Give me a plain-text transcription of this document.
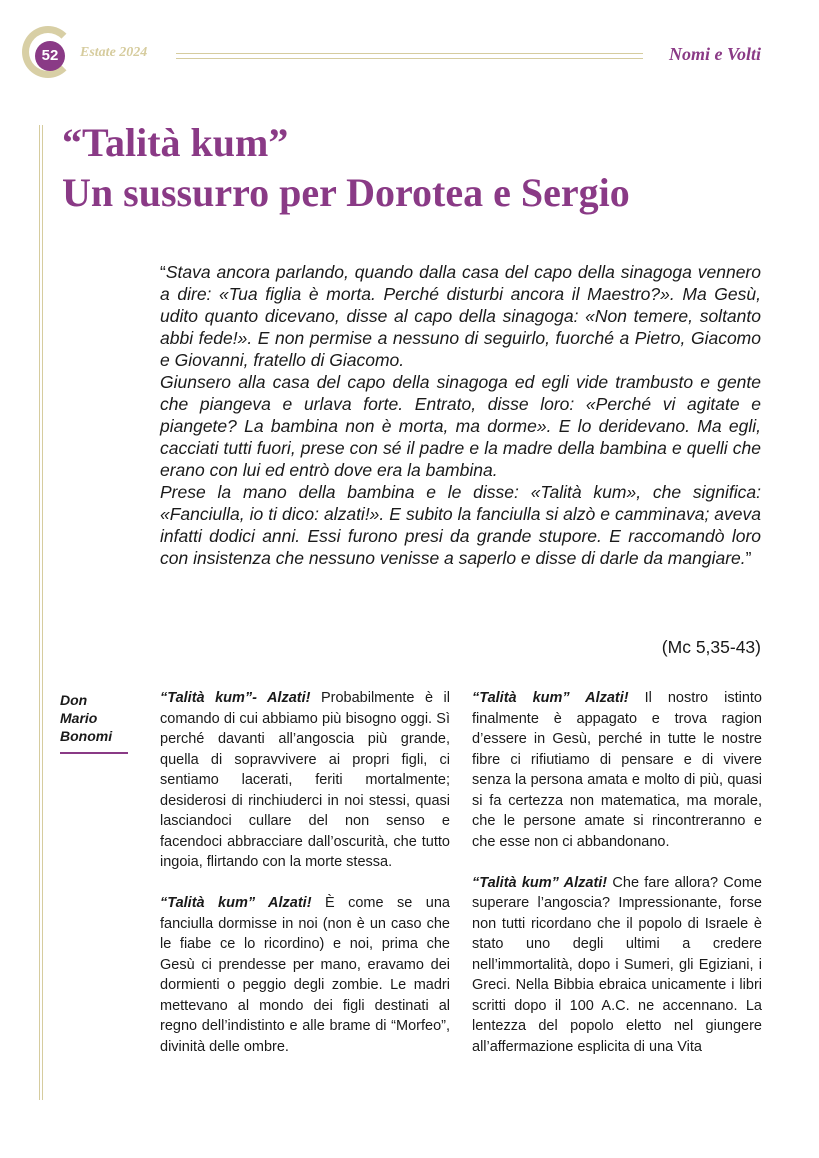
52	Estate 2024	Nomi e Volti
“Talità kum”
Un sussurro per Dorotea e Sergio

“Stava ancora parlando, quando dalla casa del capo della sinagoga vennero a dire: «Tua figlia è morta. Perché disturbi ancora il Maestro?». Ma Gesù, udito quanto dicevano, disse al capo della sinagoga: «Non temere, soltanto abbi fede!». E non permise a nessuno di seguirlo, fuorché a Pietro, Giacomo e Giovanni, fratello di Giacomo.

Giunsero alla casa del capo della sinagoga ed egli vide trambusto e gente che piangeva e urlava forte. Entrato, disse loro: «Perché vi agitate e piangete? La bambina non è morta, ma dorme». E lo deridevano. Ma egli, cacciati tutti fuori, prese con sé il padre e la madre della bambina e quelli che erano con lui ed entrò dove era la bambina.

Prese la mano della bambina e le disse: «Talità kum», che significa: «Fanciulla, io ti dico: alzati!». E subito la fanciulla si alzò e camminava; aveva infatti dodici anni. Essi furono presi da grande stupore. E raccomandò loro con insistenza che nessuno venisse a saperlo e disse di darle da mangiare.”

(Mc 5,35-43)
Don Mario
Bonomi

“Talità kum”- Alzati! Probabilmente è il comando di cui abbiamo più bisogno oggi. Sì perché davanti all’angoscia più grande, quella di sopravvivere ai propri figli, ci sentiamo lacerati, feriti mortalmente; desiderosi di rinchiuderci in noi stessi, quasi lasciandoci cullare del non senso e facendoci abbracciare dall’oscurità, che tutto ingoia, flirtando con la morte stessa.

“Talità kum” Alzati! È come se una fanciulla dormisse in noi (non è un caso che le fiabe ce lo ricordino) e noi, prima che Gesù ci prendesse per mano, eravamo dei dormienti o peggio degli zombie. Le madri mettevano al mondo dei figli destinati al regno dell’indistinto e alle brame di “Morfeo”, divinità delle ombre.

“Talità kum” Alzati! Il nostro istinto finalmente è appagato e trova ragion d’essere in Gesù, perché in tutte le nostre fibre ci rifiutiamo di pensare e di vivere senza la persona amata e molto di più, quasi si fa certezza non matematica, ma morale, che le persone amate si rincontreranno e che esse non ci abbandonano.

“Talità kum” Alzati! Che fare allora? Come superare l’angoscia? Impressionante, forse non tutti ricordano che il popolo di Israele è stato uno degli ultimi a credere nell’immortalità, dopo i Sumeri, gli Egiziani, i Greci. Nella Bibbia ebraica unicamente i libri scritti dopo il 100 A.C. ne accennano. La lentezza del popolo eletto nel giungere all’affermazione esplicita di una Vita
